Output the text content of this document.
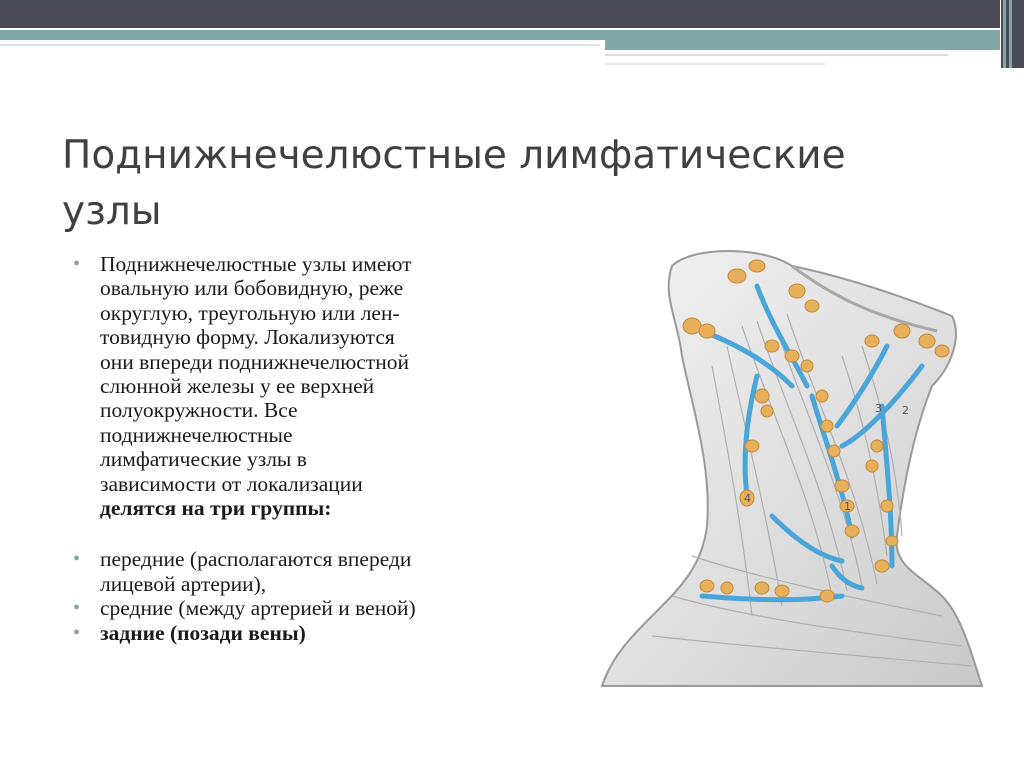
Поднижнечелюстные лимфатические
узлы
• Поднижнечелюстные узлы имеют
овальную или бобовидную, реже
округлую, треугольную или лен-
товидную форму. Локализуются
они впереди поднижнечелюстной
слюнной железы у ее верхней
полуокружности. Все
поднижнечелюстные
лимфатические узлы в
зависимости от локализации
делятся на три группы:
• передние (располагаются впереди
лицевой артерии),
• средние (между артерией и веной)
• задние (позади вены)
1
2
3
4
